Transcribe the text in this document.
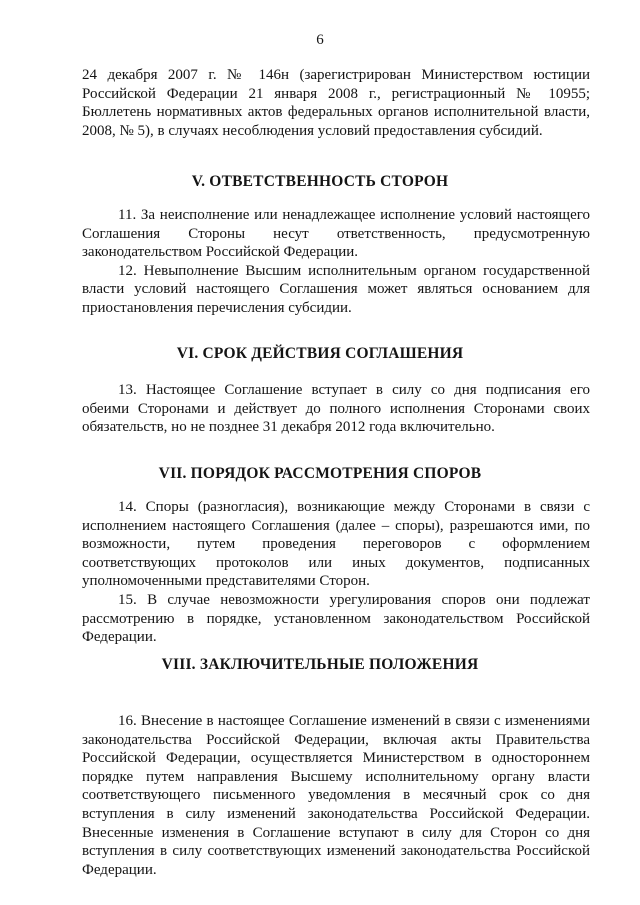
6

24 декабря 2007 г. № 146н (зарегистрирован Министерством юстиции Российской Федерации 21 января 2008 г., регистрационный № 10955; Бюллетень нормативных актов федеральных органов исполнительной власти, 2008, № 5), в случаях несоблюдения условий предоставления субсидий.

V. ОТВЕТСТВЕННОСТЬ СТОРОН

11. За неисполнение или ненадлежащее исполнение условий настоящего Соглашения Стороны несут ответственность, предусмотренную законодательством Российской Федерации.

12. Невыполнение Высшим исполнительным органом государственной власти условий настоящего Соглашения может являться основанием для приостановления перечисления субсидии.

VI. СРОК ДЕЙСТВИЯ СОГЛАШЕНИЯ

13. Настоящее Соглашение вступает в силу со дня подписания его обеими Сторонами и действует до полного исполнения Сторонами своих обязательств, но не позднее 31 декабря 2012 года включительно.

VII. ПОРЯДОК РАССМОТРЕНИЯ СПОРОВ

14. Споры (разногласия), возникающие между Сторонами в связи с исполнением настоящего Соглашения (далее – споры), разрешаются ими, по возможности, путем проведения переговоров с оформлением соответствующих протоколов или иных документов, подписанных уполномоченными представителями Сторон.

15. В случае невозможности урегулирования споров они подлежат рассмотрению в порядке, установленном законодательством Российской Федерации.

VIII. ЗАКЛЮЧИТЕЛЬНЫЕ ПОЛОЖЕНИЯ

16. Внесение в настоящее Соглашение изменений в связи с изменениями законодательства Российской Федерации, включая акты Правительства Российской Федерации, осуществляется Министерством в одностороннем порядке путем направления Высшему исполнительному органу власти соответствующего письменного уведомления в месячный срок со дня вступления в силу изменений законодательства Российской Федерации. Внесенные изменения в Соглашение вступают в силу для Сторон со дня вступления в силу соответствующих изменений законодательства Российской Федерации.
